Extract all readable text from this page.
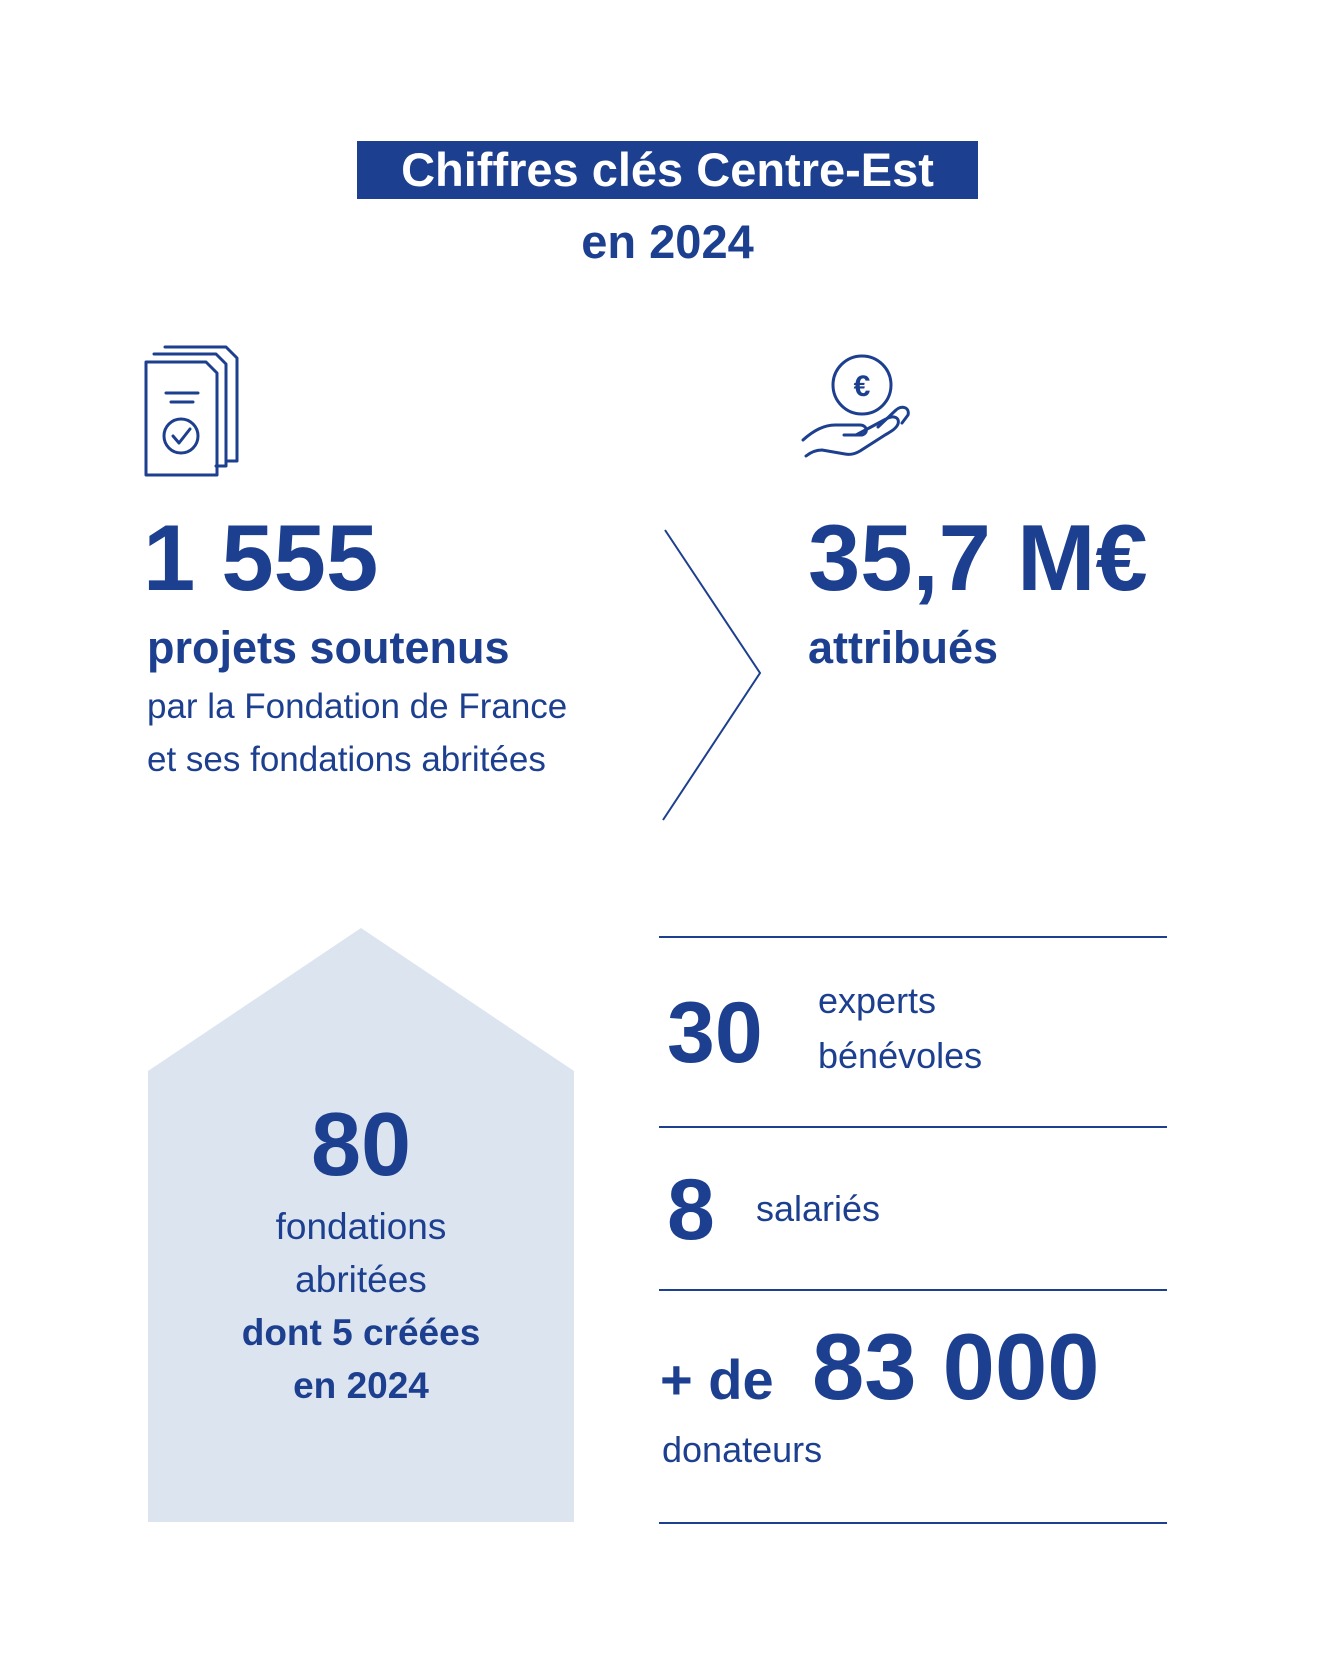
Chiffres clés Centre-Est
en 2024
€
1 555
projets soutenus
par la Fondation de France
et ses fondations abritées
35,7 M€
attribués
80
fondations
abritées
dont 5 créées
en 2024
30 experts
bénévoles
8 salariés
+ de 83 000
donateurs
